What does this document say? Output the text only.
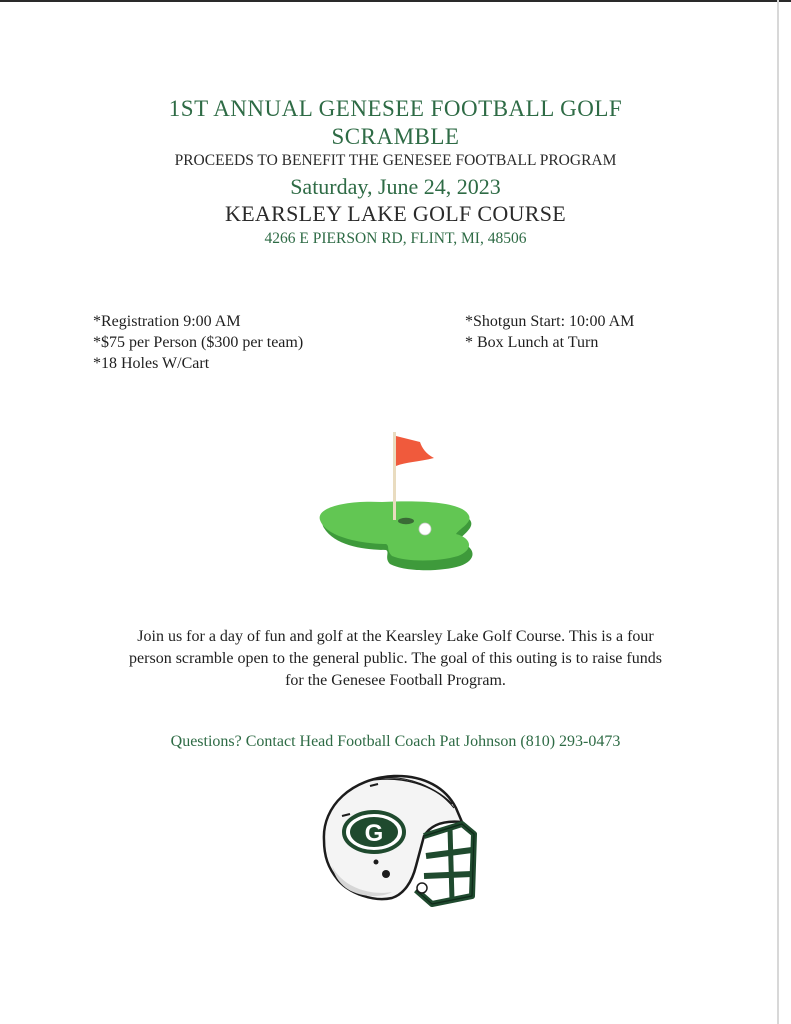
1ST ANNUAL GENESEE FOOTBALL GOLF
SCRAMBLE
PROCEEDS TO BENEFIT THE GENESEE FOOTBALL PROGRAM
Saturday, June 24, 2023
KEARSLEY LAKE GOLF COURSE
4266 E PIERSON RD, FLINT, MI, 48506
*Registration 9:00 AM
*$75 per Person ($300 per team)
*18 Holes W/Cart
*Shotgun Start: 10:00 AM
* Box Lunch at Turn
Join us for a day of fun and golf at the Kearsley Lake Golf Course. This is a four
person scramble open to the general public. The goal of this outing is to raise funds
for the Genesee Football Program.
Questions? Contact Head Football Coach Pat Johnson (810) 293-0473
G
